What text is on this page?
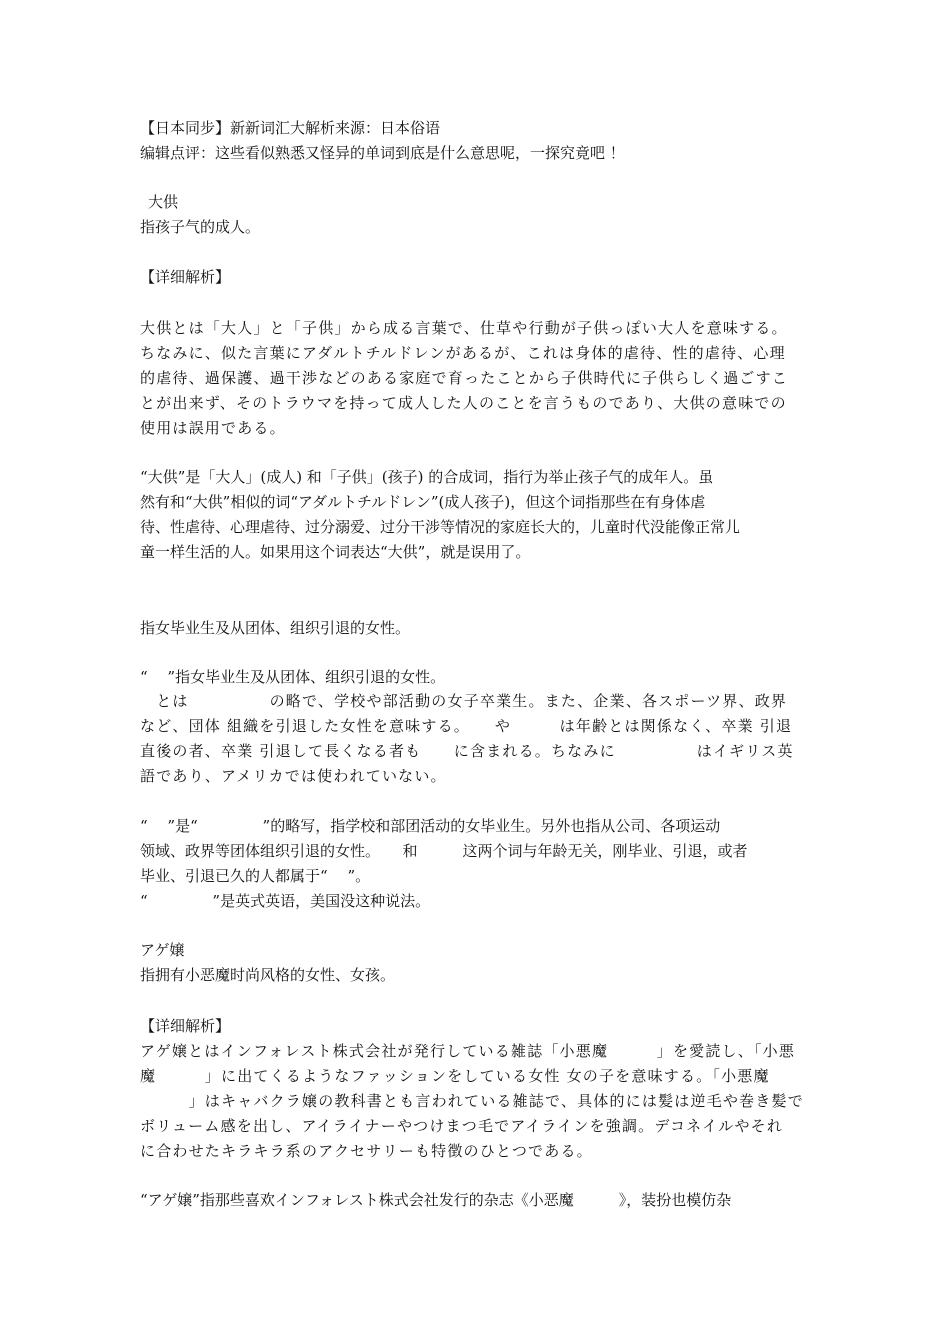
【日本同步】新新词汇大解析来源：日本俗语
编辑点评：这些看似熟悉又怪异的单词到底是什么意思呢，一探究竟吧 ！
大供
指孩子气的成人。
【详细解析】
大供とは「大人」と「子供」から成る言葉で、仕草や行動が子供っぽい大人を意味する。
ちなみに、似た言葉にアダルトチルドレンがあるが、これは身体的虐待、性的虐待、心理
的虐待、過保護、過干渉などのある家庭で育ったことから子供時代に子供らしく過ごすこ
とが出来ず、そのトラウマを持って成人した人のことを言うものであり、大供の意味での
使用は誤用である。
“大供”是「大人」(成人) 和「子供」(孩子) 的合成词，指行为举止孩子气的成年人。虽
然有和“大供”相似的词“アダルトチルドレン”(成人孩子)，但这个词指那些在有身体虐
待、性虐待、心理虐待、过分溺爱、过分干涉等情况的家庭长大的，儿童时代没能像正常儿
童一样生活的人。如果用这个词表达“大供”，就是误用了。
指女毕业生及从团体、组织引退的女性。
“　 ”指女毕业生及从团体、组织引退的女性。
　とは　　　　　の略で、学校や部活動の女子卒業生。また、企業、各スポーツ界、政界
など、団体 組織を引退した女性を意味する。　　や　　　は年齢とは関係なく、卒業 引退
直後の者、卒業 引退して長くなる者も　　に含まれる。ちなみに　　　　　はイギリス英
語であり、アメリカでは使われていない。
“　 ”是“　　　　 ”的略写，指学校和部团活动的女毕业生。另外也指从公司、各项运动
领域、政界等团体组织引退的女性。　　和　　　这两个词与年龄无关，刚毕业、引退，或者
毕业、引退已久的人都属于“　 ”。
“　　　　 ”是英式英语，美国没这种说法。
アゲ嬢
指拥有小恶魔时尚风格的女性、女孩。
【详细解析】
アゲ嬢とはインフォレスト株式会社が発行している雑誌「小悪魔　　　」を愛読し、「小悪
魔　　　」に出てくるようなファッションをしている女性 女の子を意味する。「小悪魔
　　　」はキャバクラ嬢の教科書とも言われている雑誌で、具体的には髪は逆毛や巻き髪で
ボリューム感を出し、アイライナーやつけまつ毛でアイラインを強調。デコネイルやそれ
に合わせたキラキラ系のアクセサリーも特徴のひとつである。
“アゲ嬢”指那些喜欢インフォレスト株式会社发行的杂志《小恶魔　　　》，装扮也模仿杂
